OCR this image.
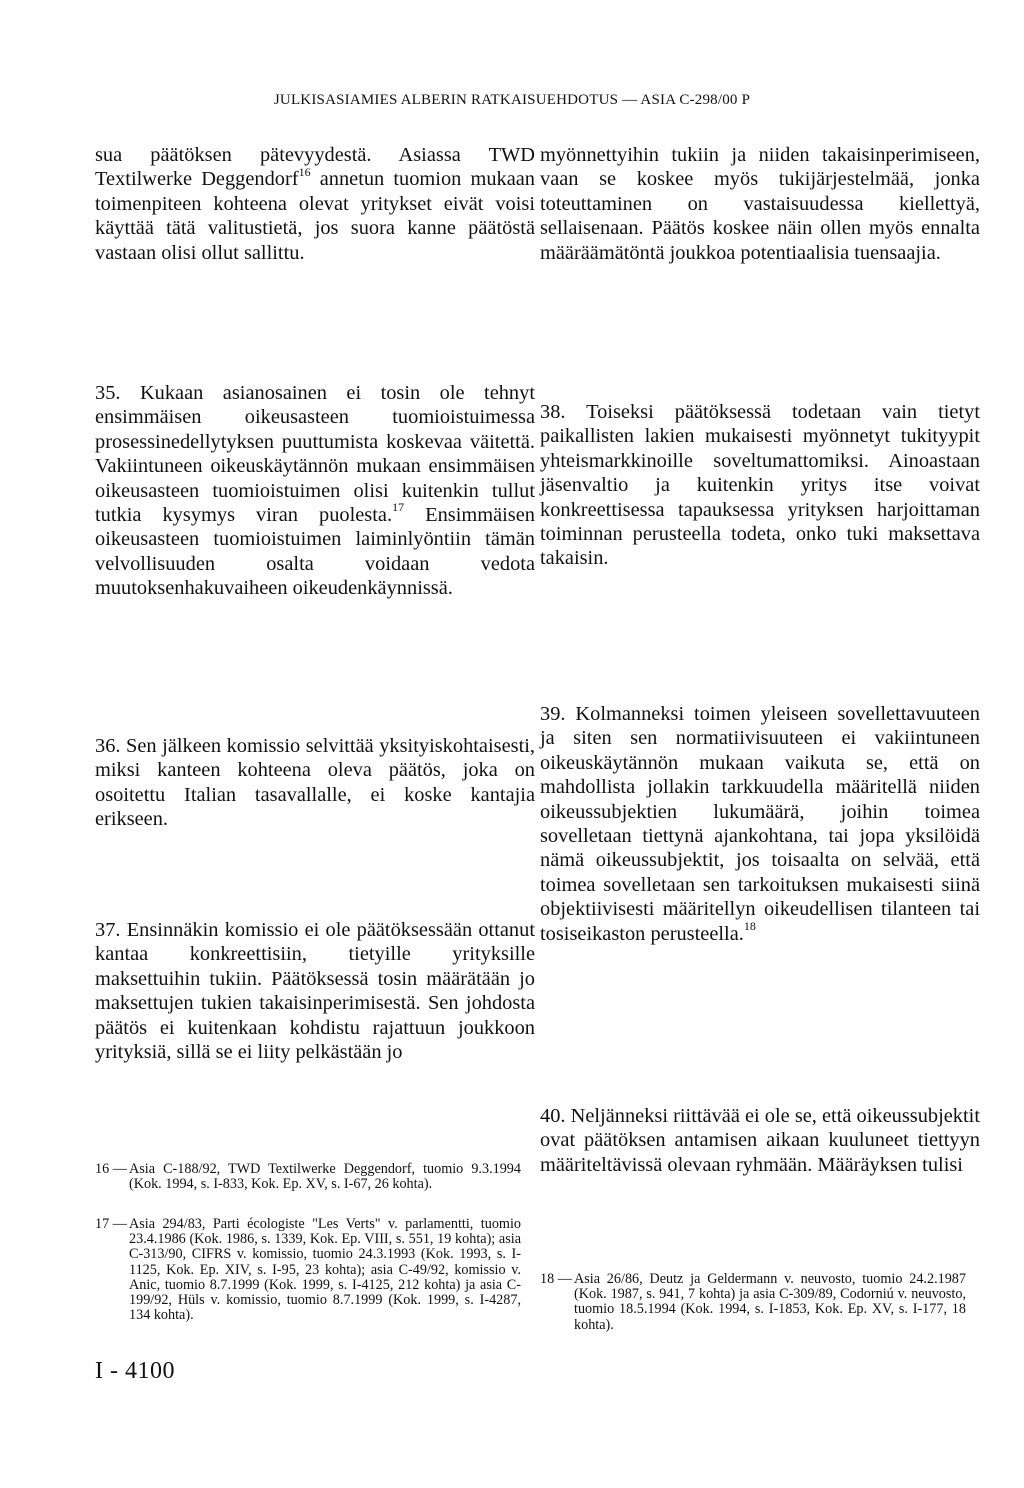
JULKISASIAMIES ALBERIN RATKAISUEHDOTUS — ASIA C-298/00 P
sua päätöksen pätevyydestä. Asiassa TWD Textilwerke Deggendorf$^{16}$ annetun tuomion mukaan toimenpiteen kohteena olevat yritykset eivät voisi käyttää tätä valitustietä, jos suora kanne päätöstä vastaan olisi ollut sallittu.
35. Kukaan asianosainen ei tosin ole tehnyt ensimmäisen oikeusasteen tuomioistuimessa prosessinedellytyksen puuttumista koskevaa väitettä. Vakiintuneen oikeuskäytännön mukaan ensimmäisen oikeusasteen tuomioistuimen olisi kuitenkin tullut tutkia kysymys viran puolesta.$^{17}$ Ensimmäisen oikeusasteen tuomioistuimen laiminlyöntiin tämän velvollisuuden osalta voidaan vedota muutoksenhakuvaiheen oikeudenkäynnissä.
36. Sen jälkeen komissio selvittää yksityiskohtaisesti, miksi kanteen kohteena oleva päätös, joka on osoitettu Italian tasavallalle, ei koske kantajia erikseen.
37. Ensinnäkin komissio ei ole päätöksessään ottanut kantaa konkreettisiin, tietyille yrityksille maksettuihin tukiin. Päätöksessä tosin määrätään jo maksettujen tukien takaisinperimisestä. Sen johdosta päätös ei kuitenkaan kohdistu rajattuun joukkoon yrityksiä, sillä se ei liity pelkästään jo
16 — Asia C-188/92, TWD Textilwerke Deggendorf, tuomio 9.3.1994 (Kok. 1994, s. I-833, Kok. Ep. XV, s. I-67, 26 kohta).
17 — Asia 294/83, Parti écologiste "Les Verts" v. parlamentti, tuomio 23.4.1986 (Kok. 1986, s. 1339, Kok. Ep. VIII, s. 551, 19 kohta); asia C-313/90, CIFRS v. komissio, tuomio 24.3.1993 (Kok. 1993, s. I-1125, Kok. Ep. XIV, s. I-95, 23 kohta); asia C-49/92, komissio v. Anic, tuomio 8.7.1999 (Kok. 1999, s. I-4125, 212 kohta) ja asia C-199/92, Hüls v. komissio, tuomio 8.7.1999 (Kok. 1999, s. I-4287, 134 kohta).
I - 4100
myönnettyihin tukiin ja niiden takaisinperimiseen, vaan se koskee myös tukijärjestelmää, jonka toteuttaminen on vastaisuudessa kiellettyä, sellaisenaan. Päätös koskee näin ollen myös ennalta määräämätöntä joukkoa potentiaalisia tuensaajia.
38. Toiseksi päätöksessä todetaan vain tietyt paikallisten lakien mukaisesti myönnetyt tukityypit yhteismarkkinoille soveltumattomiksi. Ainoastaan jäsenvaltio ja kuitenkin yritys itse voivat konkreettisessa tapauksessa yrityksen harjoittaman toiminnan perusteella todeta, onko tuki maksettava takaisin.
39. Kolmanneksi toimen yleiseen sovellettavuuteen ja siten sen normatiivisuuteen ei vakiintuneen oikeuskäytännön mukaan vaikuta se, että on mahdollista jollakin tarkkuudella määritellä niiden oikeussubjektien lukumäärä, joihin toimea sovelletaan tiettynä ajankohtana, tai jopa yksilöidä nämä oikeussubjektit, jos toisaalta on selvää, että toimea sovelletaan sen tarkoituksen mukaisesti siinä objektiivisesti määritellyn oikeudellisen tilanteen tai tosiseikaston perusteella.$^{18}$
40. Neljänneksi riittävää ei ole se, että oikeussubjektit ovat päätöksen antamisen aikaan kuuluneet tiettyyn määriteltävissä olevaan ryhmään. Määräyksen tulisi
18 — Asia 26/86, Deutz ja Geldermann v. neuvosto, tuomio 24.2.1987 (Kok. 1987, s. 941, 7 kohta) ja asia C-309/89, Codorniú v. neuvosto, tuomio 18.5.1994 (Kok. 1994, s. I-1853, Kok. Ep. XV, s. I-177, 18 kohta).
